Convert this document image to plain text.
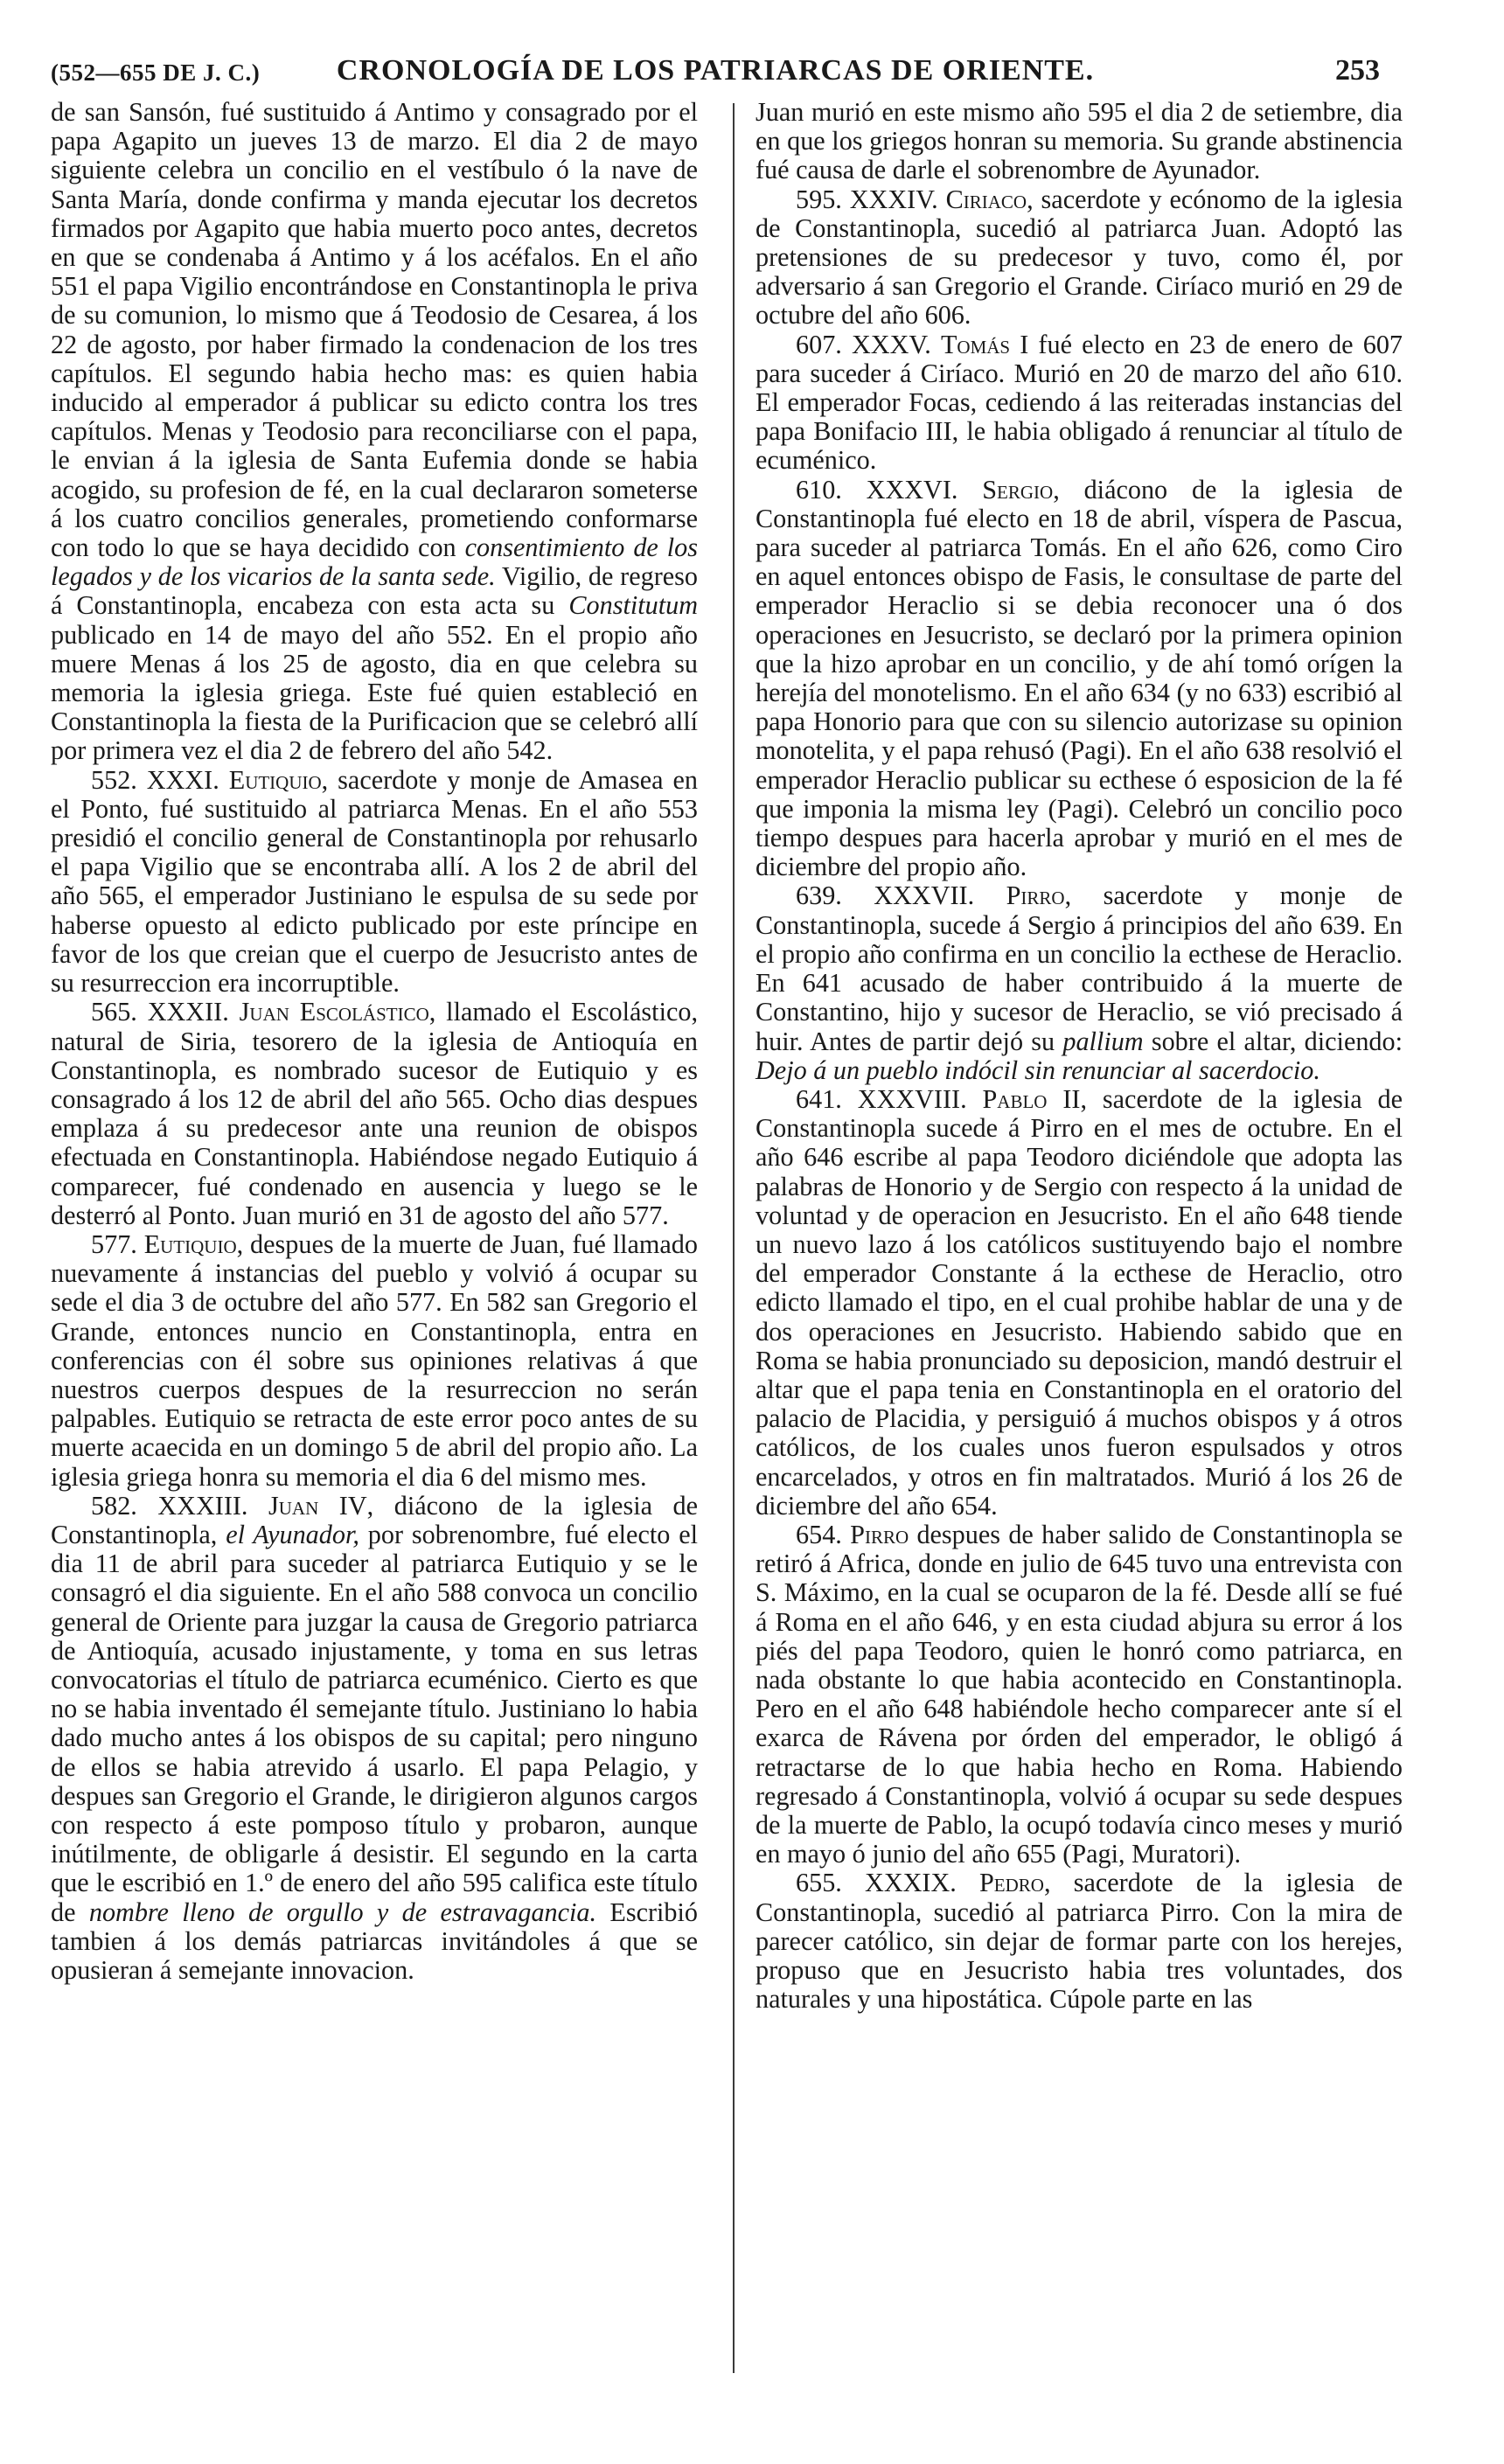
(552—655 DE J. C.)	CRONOLOGÍA DE LOS PATRIARCAS DE ORIENTE.	253

de san Sansón, fué sustituido á Antimo y consagrado por el papa Agapito un jueves 13 de marzo. El dia 2 de mayo siguiente celebra un concilio en el vestíbulo ó la nave de Santa María, donde confirma y manda ejecutar los decretos firmados por Agapito que habia muerto poco antes, decretos en que se condenaba á Antimo y á los acéfalos. En el año 551 el papa Vigilio encontrándose en Constantinopla le priva de su comunion, lo mismo que á Teodosio de Cesarea, á los 22 de agosto, por haber firmado la condenacion de los tres capítulos. El segundo habia hecho mas: es quien habia inducido al emperador á publicar su edicto contra los tres capítulos. Menas y Teodosio para reconciliarse con el papa, le envian á la iglesia de Santa Eufemia donde se habia acogido, su profesion de fé, en la cual declararon someterse á los cuatro concilios generales, prometiendo conformarse con todo lo que se haya decidido con consentimiento de los legados y de los vicarios de la santa sede. Vigilio, de regreso á Constantinopla, encabeza con esta acta su Constitutum publicado en 14 de mayo del año 552. En el propio año muere Menas á los 25 de agosto, dia en que celebra su memoria la iglesia griega. Este fué quien estableció en Constantinopla la fiesta de la Purificacion que se celebró allí por primera vez el dia 2 de febrero del año 542.

552. XXXI. Eutiquio, sacerdote y monje de Amasea en el Ponto, fué sustituido al patriarca Menas. En el año 553 presidió el concilio general de Constantinopla por rehusarlo el papa Vigilio que se encontraba allí. A los 2 de abril del año 565, el emperador Justiniano le espulsa de su sede por haberse opuesto al edicto publicado por este príncipe en favor de los que creian que el cuerpo de Jesucristo antes de su resurreccion era incorruptible.

565. XXXII. Juan Escolástico, llamado el Escolástico, natural de Siria, tesorero de la iglesia de Antioquía en Constantinopla, es nombrado sucesor de Eutiquio y es consagrado á los 12 de abril del año 565. Ocho dias despues emplaza á su predecesor ante una reunion de obispos efectuada en Constantinopla. Habiéndose negado Eutiquio á comparecer, fué condenado en ausencia y luego se le desterró al Ponto. Juan murió en 31 de agosto del año 577.

577. Eutiquio, despues de la muerte de Juan, fué llamado nuevamente á instancias del pueblo y volvió á ocupar su sede el dia 3 de octubre del año 577. En 582 san Gregorio el Grande, entonces nuncio en Constantinopla, entra en conferencias con él sobre sus opiniones relativas á que nuestros cuerpos despues de la resurreccion no serán palpables. Eutiquio se retracta de este error poco antes de su muerte acaecida en un domingo 5 de abril del propio año. La iglesia griega honra su memoria el dia 6 del mismo mes.

582. XXXIII. Juan IV, diácono de la iglesia de Constantinopla, el Ayunador, por sobrenombre, fué electo el dia 11 de abril para suceder al patriarca Eutiquio y se le consagró el dia siguiente. En el año 588 convoca un concilio general de Oriente para juzgar la causa de Gregorio patriarca de Antioquía, acusado injustamente, y toma en sus letras convocatorias el título de patriarca ecuménico. Cierto es que no se habia inventado él semejante título. Justiniano lo habia dado mucho antes á los obispos de su capital; pero ninguno de ellos se habia atrevido á usarlo. El papa Pelagio, y despues san Gregorio el Grande, le dirigieron algunos cargos con respecto á este pomposo título y probaron, aunque inútilmente, de obligarle á desistir. El segundo en la carta que le escribió en 1.º de enero del año 595 califica este título de nombre lleno de orgullo y de estravagancia. Escribió tambien á los demás patriarcas invitándoles á que se opusieran á semejante innovacion.

Juan murió en este mismo año 595 el dia 2 de setiembre, dia en que los griegos honran su memoria. Su grande abstinencia fué causa de darle el sobrenombre de Ayunador.

595. XXXIV. Ciriaco, sacerdote y ecónomo de la iglesia de Constantinopla, sucedió al patriarca Juan. Adoptó las pretensiones de su predecesor y tuvo, como él, por adversario á san Gregorio el Grande. Ciríaco murió en 29 de octubre del año 606.

607. XXXV. Tomás I fué electo en 23 de enero de 607 para suceder á Ciríaco. Murió en 20 de marzo del año 610. El emperador Focas, cediendo á las reiteradas instancias del papa Bonifacio III, le habia obligado á renunciar al título de ecuménico.

610. XXXVI. Sergio, diácono de la iglesia de Constantinopla fué electo en 18 de abril, víspera de Pascua, para suceder al patriarca Tomás. En el año 626, como Ciro en aquel entonces obispo de Fasis, le consultase de parte del emperador Heraclio si se debia reconocer una ó dos operaciones en Jesucristo, se declaró por la primera opinion que la hizo aprobar en un concilio, y de ahí tomó orígen la herejía del monotelismo. En el año 634 (y no 633) escribió al papa Honorio para que con su silencio autorizase su opinion monotelita, y el papa rehusó (Pagi). En el año 638 resolvió el emperador Heraclio publicar su ecthese ó esposicion de la fé que imponia la misma ley (Pagi). Celebró un concilio poco tiempo despues para hacerla aprobar y murió en el mes de diciembre del propio año.

639. XXXVII. Pirro, sacerdote y monje de Constantinopla, sucede á Sergio á principios del año 639. En el propio año confirma en un concilio la ecthese de Heraclio. En 641 acusado de haber contribuido á la muerte de Constantino, hijo y sucesor de Heraclio, se vió precisado á huir. Antes de partir dejó su pallium sobre el altar, diciendo: Dejo á un pueblo indócil sin renunciar al sacerdocio.

641. XXXVIII. Pablo II, sacerdote de la iglesia de Constantinopla sucede á Pirro en el mes de octubre. En el año 646 escribe al papa Teodoro diciéndole que adopta las palabras de Honorio y de Sergio con respecto á la unidad de voluntad y de operacion en Jesucristo. En el año 648 tiende un nuevo lazo á los católicos sustituyendo bajo el nombre del emperador Constante á la ecthese de Heraclio, otro edicto llamado el tipo, en el cual prohibe hablar de una y de dos operaciones en Jesucristo. Habiendo sabido que en Roma se habia pronunciado su deposicion, mandó destruir el altar que el papa tenia en Constantinopla en el oratorio del palacio de Placidia, y persiguió á muchos obispos y á otros católicos, de los cuales unos fueron espulsados y otros encarcelados, y otros en fin maltratados. Murió á los 26 de diciembre del año 654.

654. Pirro despues de haber salido de Constantinopla se retiró á Africa, donde en julio de 645 tuvo una entrevista con S. Máximo, en la cual se ocuparon de la fé. Desde allí se fué á Roma en el año 646, y en esta ciudad abjura su error á los piés del papa Teodoro, quien le honró como patriarca, en nada obstante lo que habia acontecido en Constantinopla. Pero en el año 648 habiéndole hecho comparecer ante sí el exarca de Rávena por órden del emperador, le obligó á retractarse de lo que habia hecho en Roma. Habiendo regresado á Constantinopla, volvió á ocupar su sede despues de la muerte de Pablo, la ocupó todavía cinco meses y murió en mayo ó junio del año 655 (Pagi, Muratori).

655. XXXIX. Pedro, sacerdote de la iglesia de Constantinopla, sucedió al patriarca Pirro. Con la mira de parecer católico, sin dejar de formar parte con los herejes, propuso que en Jesucristo habia tres voluntades, dos naturales y una hipostática. Cúpole parte en las
